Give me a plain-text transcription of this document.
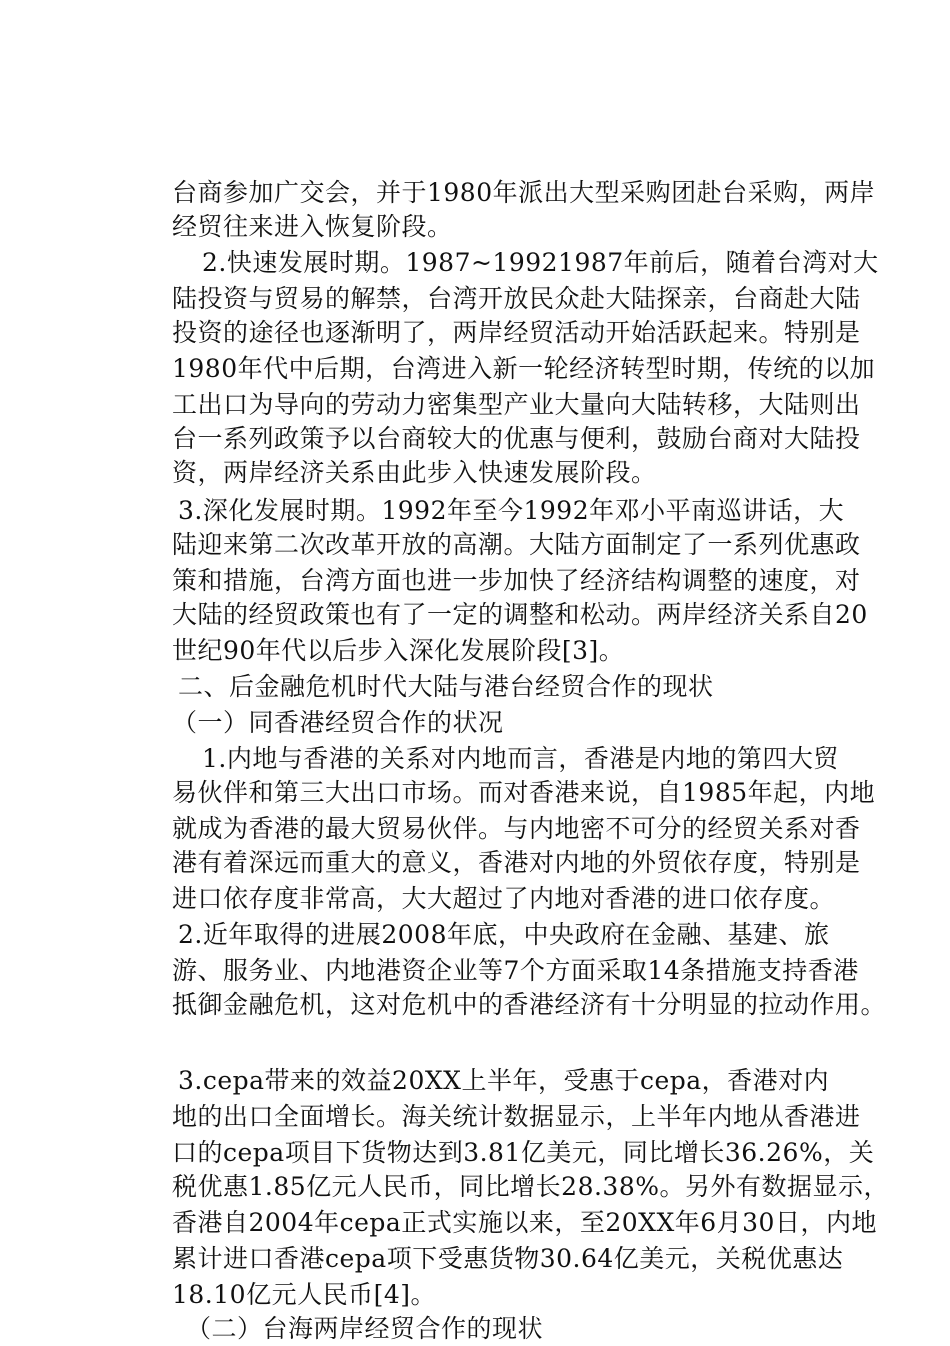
台商参加广交会，并于1980年派出大型采购团赴台采购，两岸
经贸往来进入恢复阶段。
2.快速发展时期。1987~19921987年前后，随着台湾对大
陆投资与贸易的解禁，台湾开放民众赴大陆探亲，台商赴大陆
投资的途径也逐渐明了，两岸经贸活动开始活跃起来。特别是
1980年代中后期，台湾进入新一轮经济转型时期，传统的以加
工出口为导向的劳动力密集型产业大量向大陆转移，大陆则出
台一系列政策予以台商较大的优惠与便利，鼓励台商对大陆投
资，两岸经济关系由此步入快速发展阶段。
3.深化发展时期。1992年至今1992年邓小平南巡讲话，大
陆迎来第二次改革开放的高潮。大陆方面制定了一系列优惠政
策和措施，台湾方面也进一步加快了经济结构调整的速度，对
大陆的经贸政策也有了一定的调整和松动。两岸经济关系自20
世纪90年代以后步入深化发展阶段[3]。
二、后金融危机时代大陆与港台经贸合作的现状
（一）同香港经贸合作的状况
1.内地与香港的关系对内地而言，香港是内地的第四大贸
易伙伴和第三大出口市场。而对香港来说，自1985年起，内地
就成为香港的最大贸易伙伴。与内地密不可分的经贸关系对香
港有着深远而重大的意义，香港对内地的外贸依存度，特别是
进口依存度非常高，大大超过了内地对香港的进口依存度。
2.近年取得的进展2008年底，中央政府在金融、基建、旅
游、服务业、内地港资企业等7个方面采取14条措施支持香港
抵御金融危机，这对危机中的香港经济有十分明显的拉动作用。
3.cepa带来的效益20XX上半年，受惠于cepa，香港对内
地的出口全面增长。海关统计数据显示，上半年内地从香港进
口的cepa项目下货物达到3.81亿美元，同比增长36.26%，关
税优惠1.85亿元人民币，同比增长28.38%。另外有数据显示，
香港自2004年cepa正式实施以来，至20XX年6月30日，内地
累计进口香港cepa项下受惠货物30.64亿美元，关税优惠达
18.10亿元人民币[4]。
（二）台海两岸经贸合作的现状
